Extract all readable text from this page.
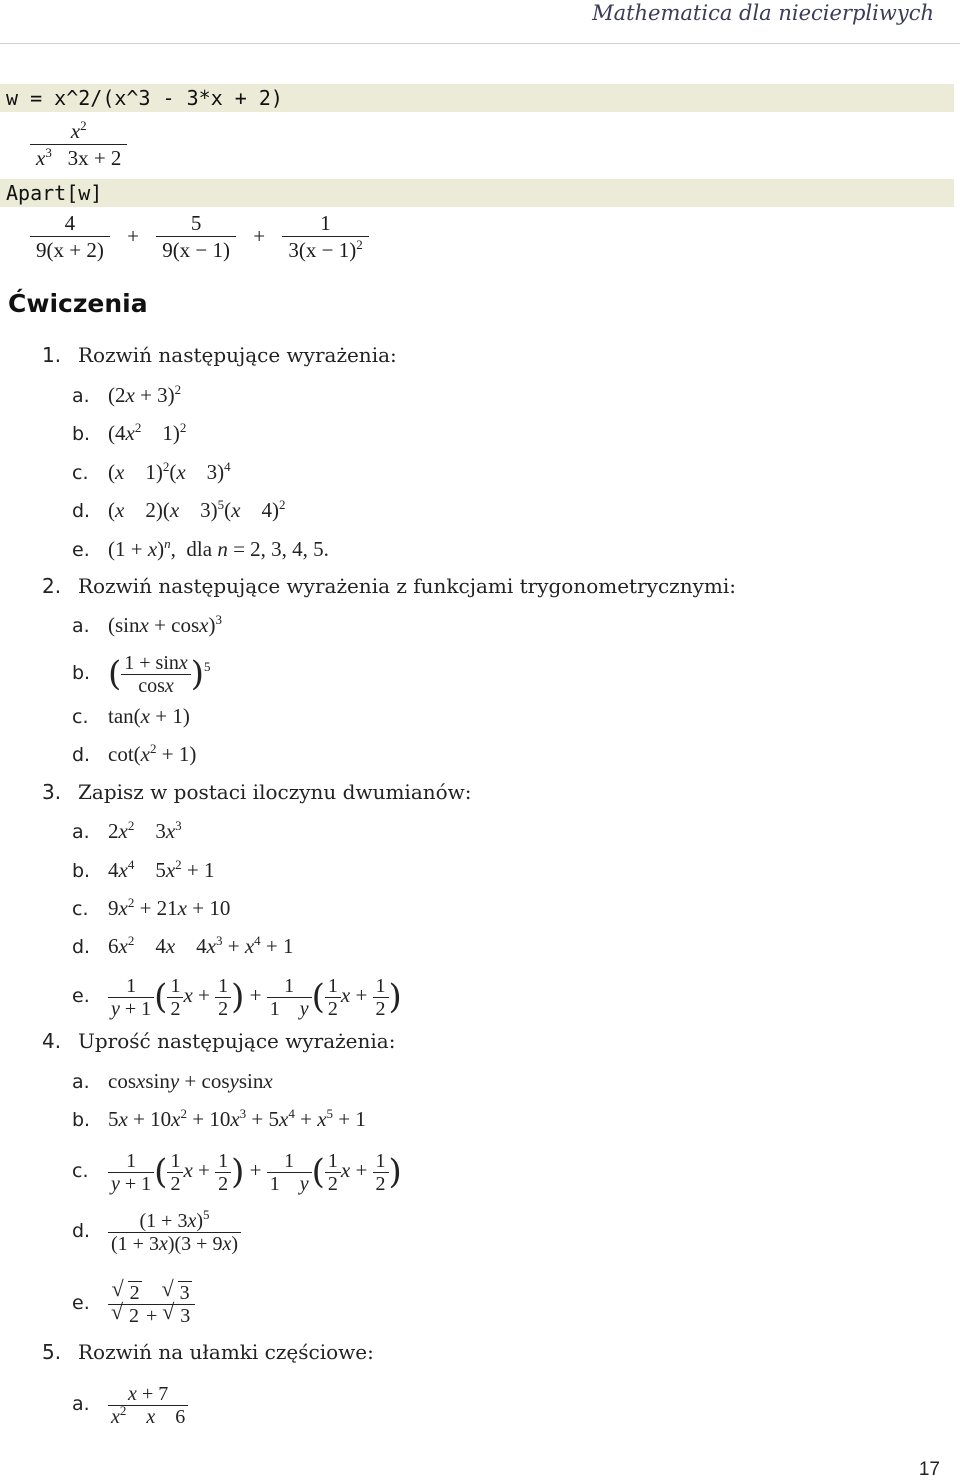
Mathematica dla niecierpliwych
w = x^2/(x^3 - 3*x + 2)
$\frac{x^2}{x^3 3x + 2}$
Apart[w]
$\frac{4}{9(x + 2)} + \frac{5}{9(x - 1)} + \frac{1}{3(x - 1)^2}$
Ćwiczenia
1. Rozwiń następujące wyrażenia:
a. $(2x + 3)^2$
b. ($4x^2$    1)$^2$
c. (x    1)$^2$(x    3)$^4$
d. (x    2)(x    3)$^5$(x    4)$^2$
e. $(1 + x)^n$,  dla n = 2, 3, 4, 5.
2. Rozwiń następujące wyrażenia z funkcjami trygonometrycznymi:
a. $(\sin x + \cos x)^3$
b. ( $\frac{1 + \sin x}{\cos x} )^5$
c. tan(x + 1)
d. $\cot(x^2 + 1)$
3. Zapisz w postaci iloczynu dwumianów:
a. $2x^2$    $3x^3$
b. $4x^4$    $5x^2 + 1$
c. $9x^2 + 21x + 10$
d. $6x^2$    4x    $4x^3 + x^4 + 1$
e. $\frac{1}{y + 1}$ ( $\frac{1}{2}$ $x + \frac{1}{2}$ ) + $\frac{1}{1 y}$ ( $\frac{1}{2}$ $x + \frac{1}{2}$ )
4. Uprość następujące wyrażenia:
a. cosxsiny + cosysinx
b. $5x + 10x^2 + 10x^3 + 5x^4 + x^5 + 1$
c. $\frac{1}{y + 1}$ ( $\frac{1}{2}$ $x + \frac{1}{2}$ ) + $\frac{1}{1 y}$ ( $\frac{1}{2}$ $x + \frac{1}{2}$ )
d. $\frac{(1 + 3x)^5}{(1 + 3x)(3 + 9x)}$
e. √ 2 √ 3
√ 2 + √ 3
5. Rozwiń na ułamki częściowe:
a. $\frac{x + 7}{x^2 x 6}$
17
